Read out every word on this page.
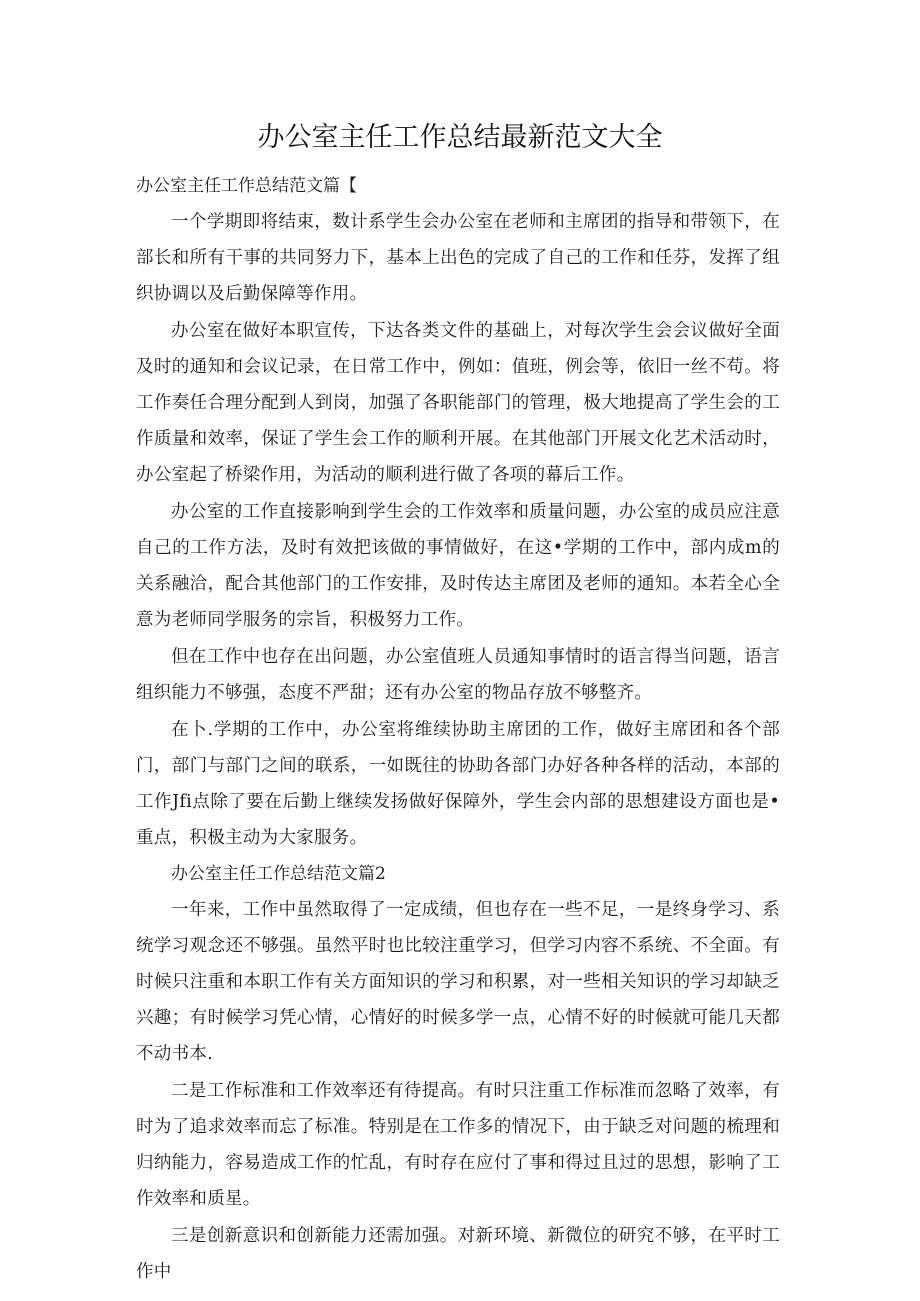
办公室主任工作总结最新范文大全

办公室主任工作总结范文篇【

一个学期即将结束，数计系学生会办公室在老师和主席团的指导和带领下，在部长和所有干事的共同努力下，基本上出色的完成了自己的工作和任芬，发挥了组织协调以及后勤保障等作用。

办公室在做好本职宣传，下达各类文件的基础上，对每次学生会会议做好全面及时的通知和会议记录，在日常工作中，例如：值班，例会等，依旧一丝不苟。将工作奏任合理分配到人到岗，加强了各职能部门的管理，极大地提高了学生会的工作质量和效率，保证了学生会工作的顺利开展。在其他部门开展文化艺术活动时，办公室起了桥梁作用，为活动的顺利进行做了各项的幕后工作。

办公室的工作直接影响到学生会的工作效率和质量问题，办公室的成员应注意自己的工作方法，及时有效把该做的事情做好，在这•学期的工作中，部内成m的关系融洽，配合其他部门的工作安排，及时传达主席团及老师的通知。本若全心全意为老师同学服务的宗旨，积极努力工作。

但在工作中也存在出问题，办公室值班人员通知事情时的语言得当问题，语言组织能力不够强，态度不严甜；还有办公室的物品存放不够整齐。

在卜.学期的工作中，办公室将维续协助主席团的工作，做好主席团和各个部门，部门与部门之间的联系，一如既往的协助各部门办好各种各样的活动，本部的工作Jfi点除了要在后勤上继续发扬做好保障外，学生会内部的思想建设方面也是•重点，积极主动为大家服务。

办公室主任工作总结范文篇2

一年来，工作中虽然取得了一定成绩，但也存在一些不足，一是终身学习、系统学习观念还不够强。虽然平时也比较注重学习，但学习内容不系统、不全面。有时候只注重和本职工作有关方面知识的学习和积累，对一些相关知识的学习却缺乏兴趣；有时候学习凭心情，心情好的时候多学一点，心情不好的时候就可能几天都不动书本.

二是工作标准和工作效率还有待提高。有时只注重工作标准而忽略了效率，有时为了追求效率而忘了标准。特别是在工作多的情况下，由于缺乏对问题的梳理和归纳能力，容易造成工作的忙乱，有时存在应付了事和得过且过的思想，影响了工作效率和质星。

三是创新意识和创新能力还需加强。对新环境、新微位的研究不够，在平时工作中
